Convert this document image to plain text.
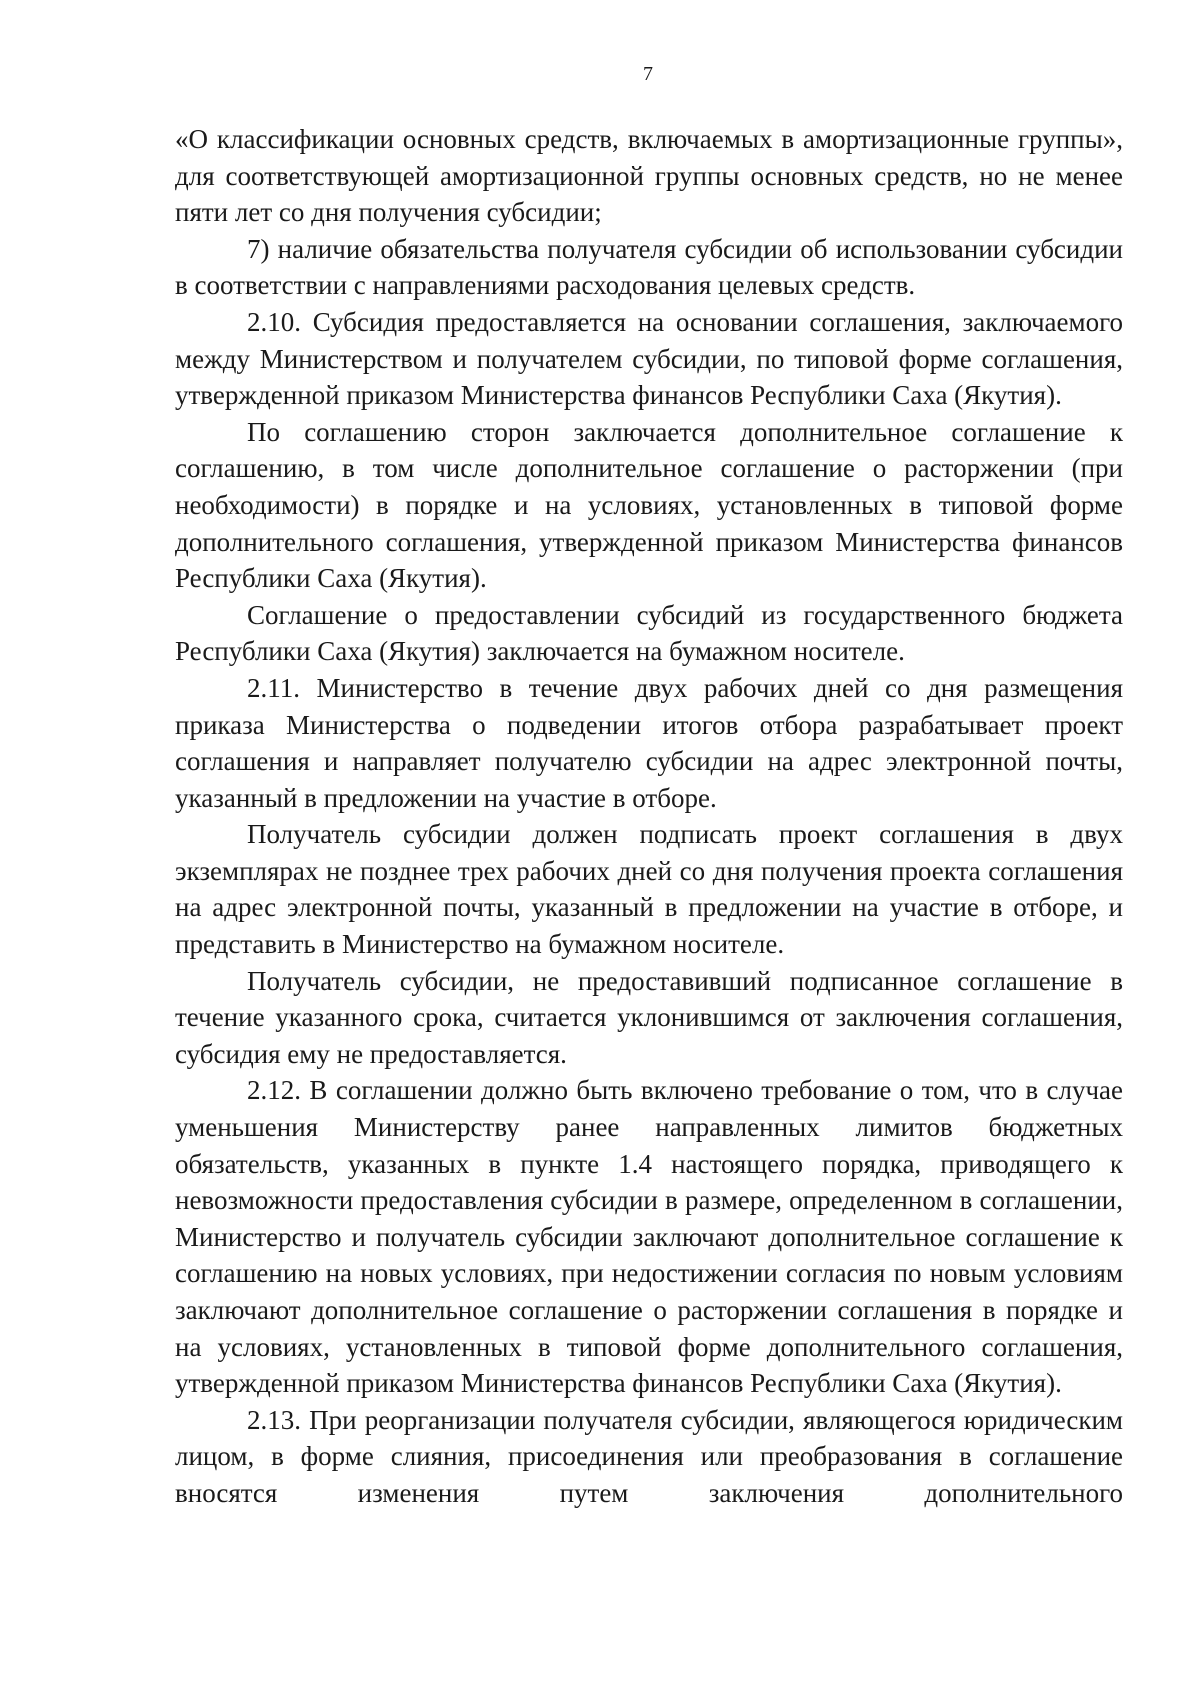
7

«О классификации основных средств, включаемых в амортизационные группы», для соответствующей амортизационной группы основных средств, но не менее пяти лет со дня получения субсидии;

7) наличие обязательства получателя субсидии об использовании субсидии в соответствии с направлениями расходования целевых средств.

2.10. Субсидия предоставляется на основании соглашения, заключаемого между Министерством и получателем субсидии, по типовой форме соглашения, утвержденной приказом Министерства финансов Республики Саха (Якутия).

По соглашению сторон заключается дополнительное соглашение к соглашению, в том числе дополнительное соглашение о расторжении (при необходимости) в порядке и на условиях, установленных в типовой форме дополнительного соглашения, утвержденной приказом Министерства финансов Республики Саха (Якутия).

Соглашение о предоставлении субсидий из государственного бюджета Республики Саха (Якутия) заключается на бумажном носителе.

2.11. Министерство в течение двух рабочих дней со дня размещения приказа Министерства о подведении итогов отбора разрабатывает проект соглашения и направляет получателю субсидии на адрес электронной почты, указанный в предложении на участие в отборе.

Получатель субсидии должен подписать проект соглашения в двух экземплярах не позднее трех рабочих дней со дня получения проекта соглашения на адрес электронной почты, указанный в предложении на участие в отборе, и представить в Министерство на бумажном носителе.

Получатель субсидии, не предоставивший подписанное соглашение в течение указанного срока, считается уклонившимся от заключения соглашения, субсидия ему не предоставляется.

2.12. В соглашении должно быть включено требование о том, что в случае уменьшения Министерству ранее направленных лимитов бюджетных обязательств, указанных в пункте 1.4 настоящего порядка, приводящего к невозможности предоставления субсидии в размере, определенном в соглашении, Министерство и получатель субсидии заключают дополнительное соглашение к соглашению на новых условиях, при недостижении согласия по новым условиям заключают дополнительное соглашение о расторжении соглашения в порядке и на условиях, установленных в типовой форме дополнительного соглашения, утвержденной приказом Министерства финансов Республики Саха (Якутия).

2.13. При реорганизации получателя субсидии, являющегося юридическим лицом, в форме слияния, присоединения или преобразования в соглашение вносятся изменения путем заключения дополнительного
